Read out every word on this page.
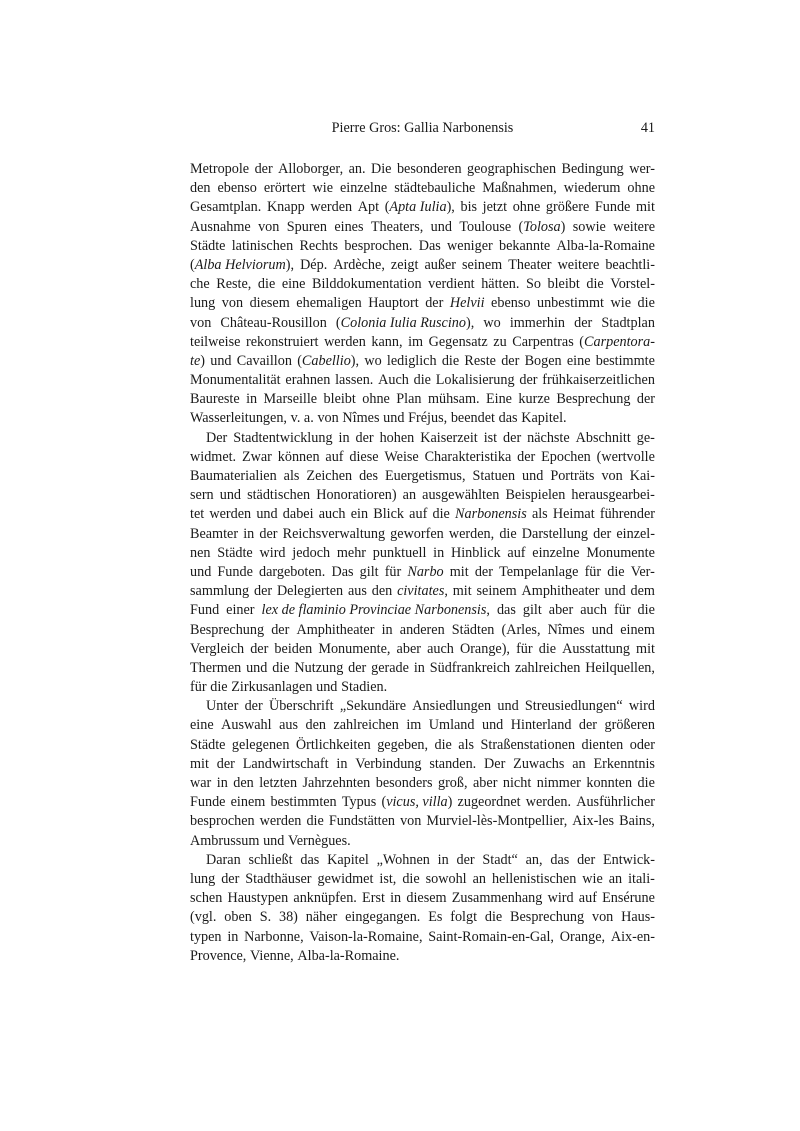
Pierre Gros: Gallia Narbonensis	41
Metropole der Alloborger, an. Die besonderen geographischen Bedingung wer-
den ebenso erörtert wie einzelne städtebauliche Maßnahmen, wiederum ohne
Gesamtplan. Knapp werden Apt (Apta Iulia), bis jetzt ohne größere Funde mit
Ausnahme von Spuren eines Theaters, und Toulouse (Tolosa) sowie weitere
Städte latinischen Rechts besprochen. Das weniger bekannte Alba-la-Romaine
(Alba Helviorum), Dép. Ardèche, zeigt außer seinem Theater weitere beachtli-
che Reste, die eine Bilddokumentation verdient hätten. So bleibt die Vorstel-
lung von diesem ehemaligen Hauptort der Helvii ebenso unbestimmt wie die
von Château-Rousillon (Colonia Iulia Ruscino), wo immerhin der Stadtplan
teilweise rekonstruiert werden kann, im Gegensatz zu Carpentras (Carpentora-
te) und Cavaillon (Cabellio), wo lediglich die Reste der Bogen eine bestimmte
Monumentalität erahnen lassen. Auch die Lokalisierung der frühkaiserzeitlichen
Baureste in Marseille bleibt ohne Plan mühsam. Eine kurze Besprechung der
Wasserleitungen, v. a. von Nîmes und Fréjus, beendet das Kapitel.
Der Stadtentwicklung in der hohen Kaiserzeit ist der nächste Abschnitt ge-
widmet. Zwar können auf diese Weise Charakteristika der Epochen (wertvolle
Baumaterialien als Zeichen des Euergetismus, Statuen und Porträts von Kai-
sern und städtischen Honoratioren) an ausgewählten Beispielen herausgearbei-
tet werden und dabei auch ein Blick auf die Narbonensis als Heimat führender
Beamter in der Reichsverwaltung geworfen werden, die Darstellung der einzel-
nen Städte wird jedoch mehr punktuell in Hinblick auf einzelne Monumente
und Funde dargeboten. Das gilt für Narbo mit der Tempelanlage für die Ver-
sammlung der Delegierten aus den civitates, mit seinem Amphitheater und dem
Fund einer lex de flaminio Provinciae Narbonensis, das gilt aber auch für die
Besprechung der Amphitheater in anderen Städten (Arles, Nîmes und einem
Vergleich der beiden Monumente, aber auch Orange), für die Ausstattung mit
Thermen und die Nutzung der gerade in Südfrankreich zahlreichen Heilquellen,
für die Zirkusanlagen und Stadien.
Unter der Überschrift „Sekundäre Ansiedlungen und Streusiedlungen“ wird
eine Auswahl aus den zahlreichen im Umland und Hinterland der größeren
Städte gelegenen Örtlichkeiten gegeben, die als Straßenstationen dienten oder
mit der Landwirtschaft in Verbindung standen. Der Zuwachs an Erkenntnis
war in den letzten Jahrzehnten besonders groß, aber nicht nimmer konnten die
Funde einem bestimmten Typus (vicus, villa) zugeordnet werden. Ausführlicher
besprochen werden die Fundstätten von Murviel-lès-Montpellier, Aix-les Bains,
Ambrussum und Vernègues.
Daran schließt das Kapitel „Wohnen in der Stadt“ an, das der Entwick-
lung der Stadthäuser gewidmet ist, die sowohl an hellenistischen wie an itali-
schen Haustypen anknüpfen. Erst in diesem Zusammenhang wird auf Ensérune
(vgl. oben S. 38) näher eingegangen. Es folgt die Besprechung von Haus-
typen in Narbonne, Vaison-la-Romaine, Saint-Romain-en-Gal, Orange, Aix-en-
Provence, Vienne, Alba-la-Romaine.
